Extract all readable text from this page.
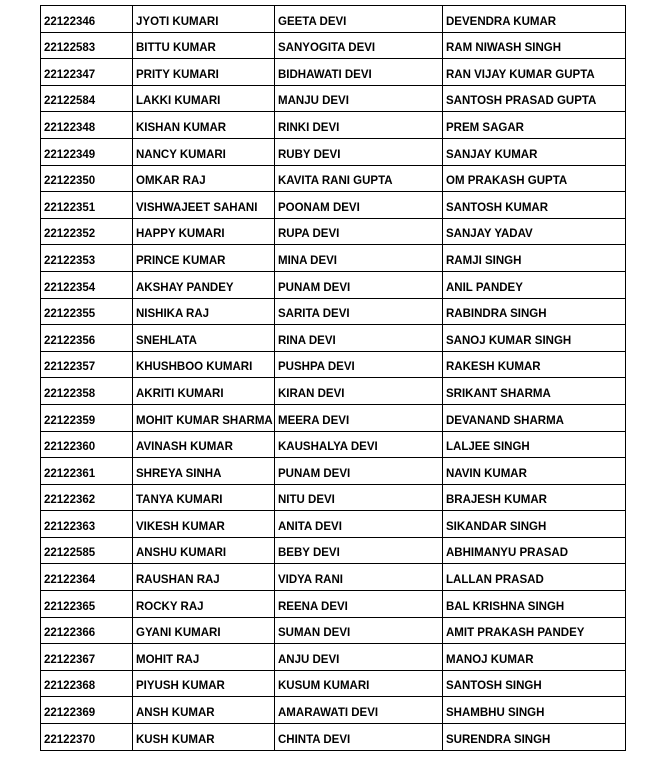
22122346	JYOTI KUMARI	GEETA DEVI	DEVENDRA KUMAR
22122583	BITTU KUMAR	SANYOGITA DEVI	RAM NIWASH SINGH
22122347	PRITY KUMARI	BIDHAWATI DEVI	RAN VIJAY KUMAR GUPTA
22122584	LAKKI KUMARI	MANJU DEVI	SANTOSH PRASAD GUPTA
22122348	KISHAN KUMAR	RINKI DEVI	PREM SAGAR
22122349	NANCY KUMARI	RUBY DEVI	SANJAY KUMAR
22122350	OMKAR RAJ	KAVITA RANI GUPTA	OM PRAKASH GUPTA
22122351	VISHWAJEET SAHANI	POONAM DEVI	SANTOSH KUMAR
22122352	HAPPY KUMARI	RUPA DEVI	SANJAY YADAV
22122353	PRINCE KUMAR	MINA DEVI	RAMJI SINGH
22122354	AKSHAY PANDEY	PUNAM DEVI	ANIL PANDEY
22122355	NISHIKA RAJ	SARITA DEVI	RABINDRA SINGH
22122356	SNEHLATA	RINA DEVI	SANOJ KUMAR SINGH
22122357	KHUSHBOO KUMARI	PUSHPA DEVI	RAKESH KUMAR
22122358	AKRITI KUMARI	KIRAN DEVI	SRIKANT SHARMA
22122359	MOHIT KUMAR SHARMA	MEERA DEVI	DEVANAND SHARMA
22122360	AVINASH KUMAR	KAUSHALYA DEVI	LALJEE SINGH
22122361	SHREYA SINHA	PUNAM DEVI	NAVIN KUMAR
22122362	TANYA KUMARI	NITU DEVI	BRAJESH KUMAR
22122363	VIKESH KUMAR	ANITA DEVI	SIKANDAR SINGH
22122585	ANSHU KUMARI	BEBY DEVI	ABHIMANYU PRASAD
22122364	RAUSHAN RAJ	VIDYA RANI	LALLAN PRASAD
22122365	ROCKY RAJ	REENA DEVI	BAL KRISHNA SINGH
22122366	GYANI KUMARI	SUMAN DEVI	AMIT PRAKASH PANDEY
22122367	MOHIT RAJ	ANJU DEVI	MANOJ KUMAR
22122368	PIYUSH KUMAR	KUSUM KUMARI	SANTOSH SINGH
22122369	ANSH KUMAR	AMARAWATI DEVI	SHAMBHU SINGH
22122370	KUSH KUMAR	CHINTA DEVI	SURENDRA SINGH
